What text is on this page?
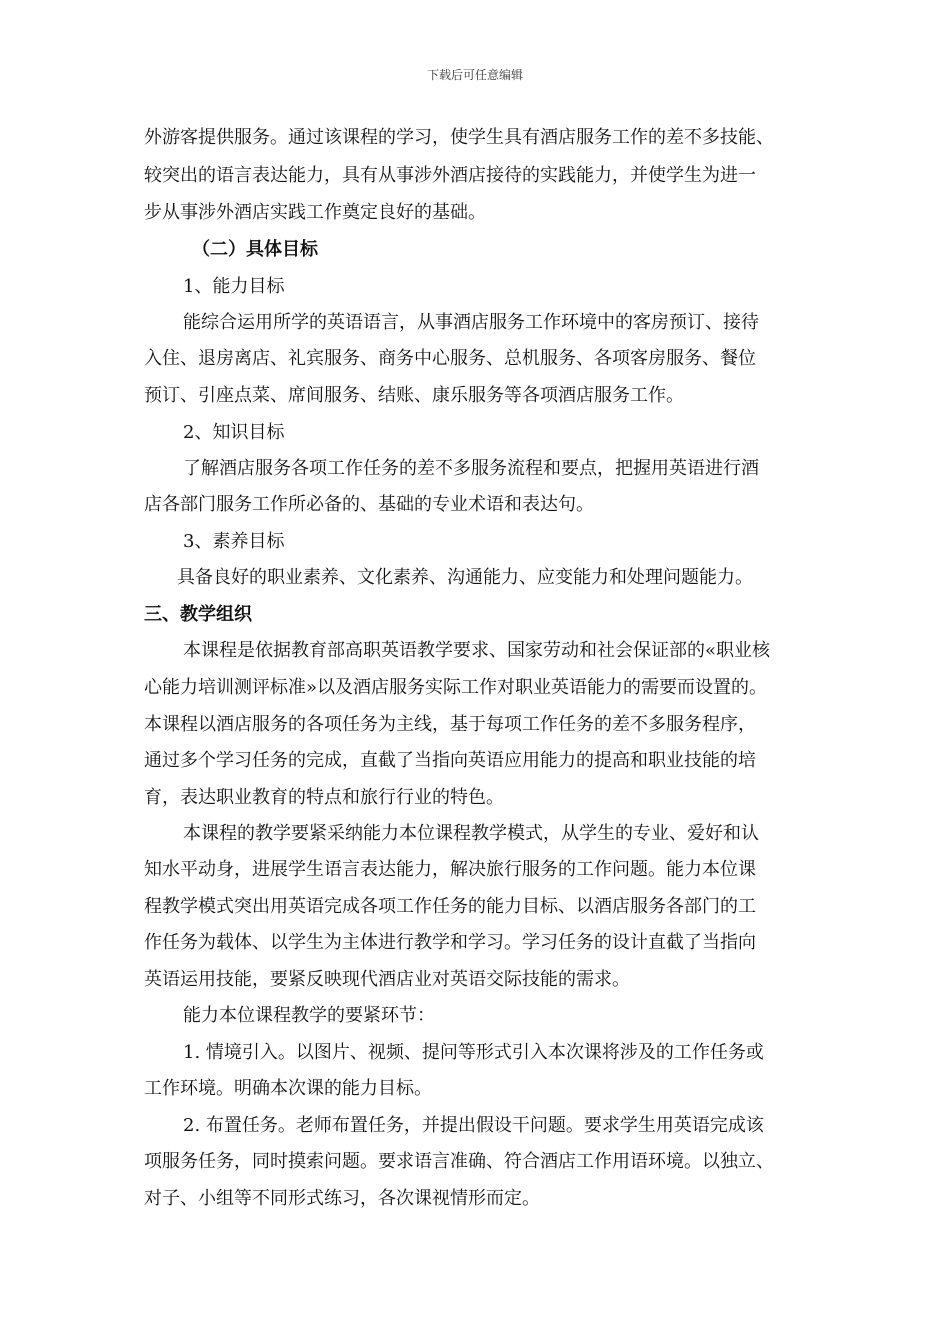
下载后可任意编辑
外游客提供服务。通过该课程的学习，使学生具有酒店服务工作的差不多技能、
较突出的语言表达能力，具有从事涉外酒店接待的实践能力，并使学生为进一
步从事涉外酒店实践工作奠定良好的基础。
（二）具体目标
1、能力目标
能综合运用所学的英语语言，从事酒店服务工作环境中的客房预订、接待
入住、退房离店、礼宾服务、商务中心服务、总机服务、各项客房服务、餐位
预订、引座点菜、席间服务、结账、康乐服务等各项酒店服务工作。
2、知识目标
了解酒店服务各项工作任务的差不多服务流程和要点，把握用英语进行酒
店各部门服务工作所必备的、基础的专业术语和表达句。
3、素养目标
具备良好的职业素养、文化素养、沟通能力、应变能力和处理问题能力。
三、教学组织
本课程是依据教育部高职英语教学要求、国家劳动和社会保证部的«职业核
心能力培训测评标准»以及酒店服务实际工作对职业英语能力的需要而设置的。
本课程以酒店服务的各项任务为主线，基于每项工作任务的差不多服务程序，
通过多个学习任务的完成，直截了当指向英语应用能力的提高和职业技能的培
育，表达职业教育的特点和旅行行业的特色。
本课程的教学要紧采纳能力本位课程教学模式，从学生的专业、爱好和认
知水平动身，进展学生语言表达能力，解决旅行服务的工作问题。能力本位课
程教学模式突出用英语完成各项工作任务的能力目标、以酒店服务各部门的工
作任务为载体、以学生为主体进行教学和学习。学习任务的设计直截了当指向
英语运用技能，要紧反映现代酒店业对英语交际技能的需求。
能力本位课程教学的要紧环节：
1. 情境引入。以图片、视频、提问等形式引入本次课将涉及的工作任务或
工作环境。明确本次课的能力目标。
2. 布置任务。老师布置任务，并提出假设干问题。要求学生用英语完成该
项服务任务，同时摸索问题。要求语言准确、符合酒店工作用语环境。以独立、
对子、小组等不同形式练习，各次课视情形而定。
